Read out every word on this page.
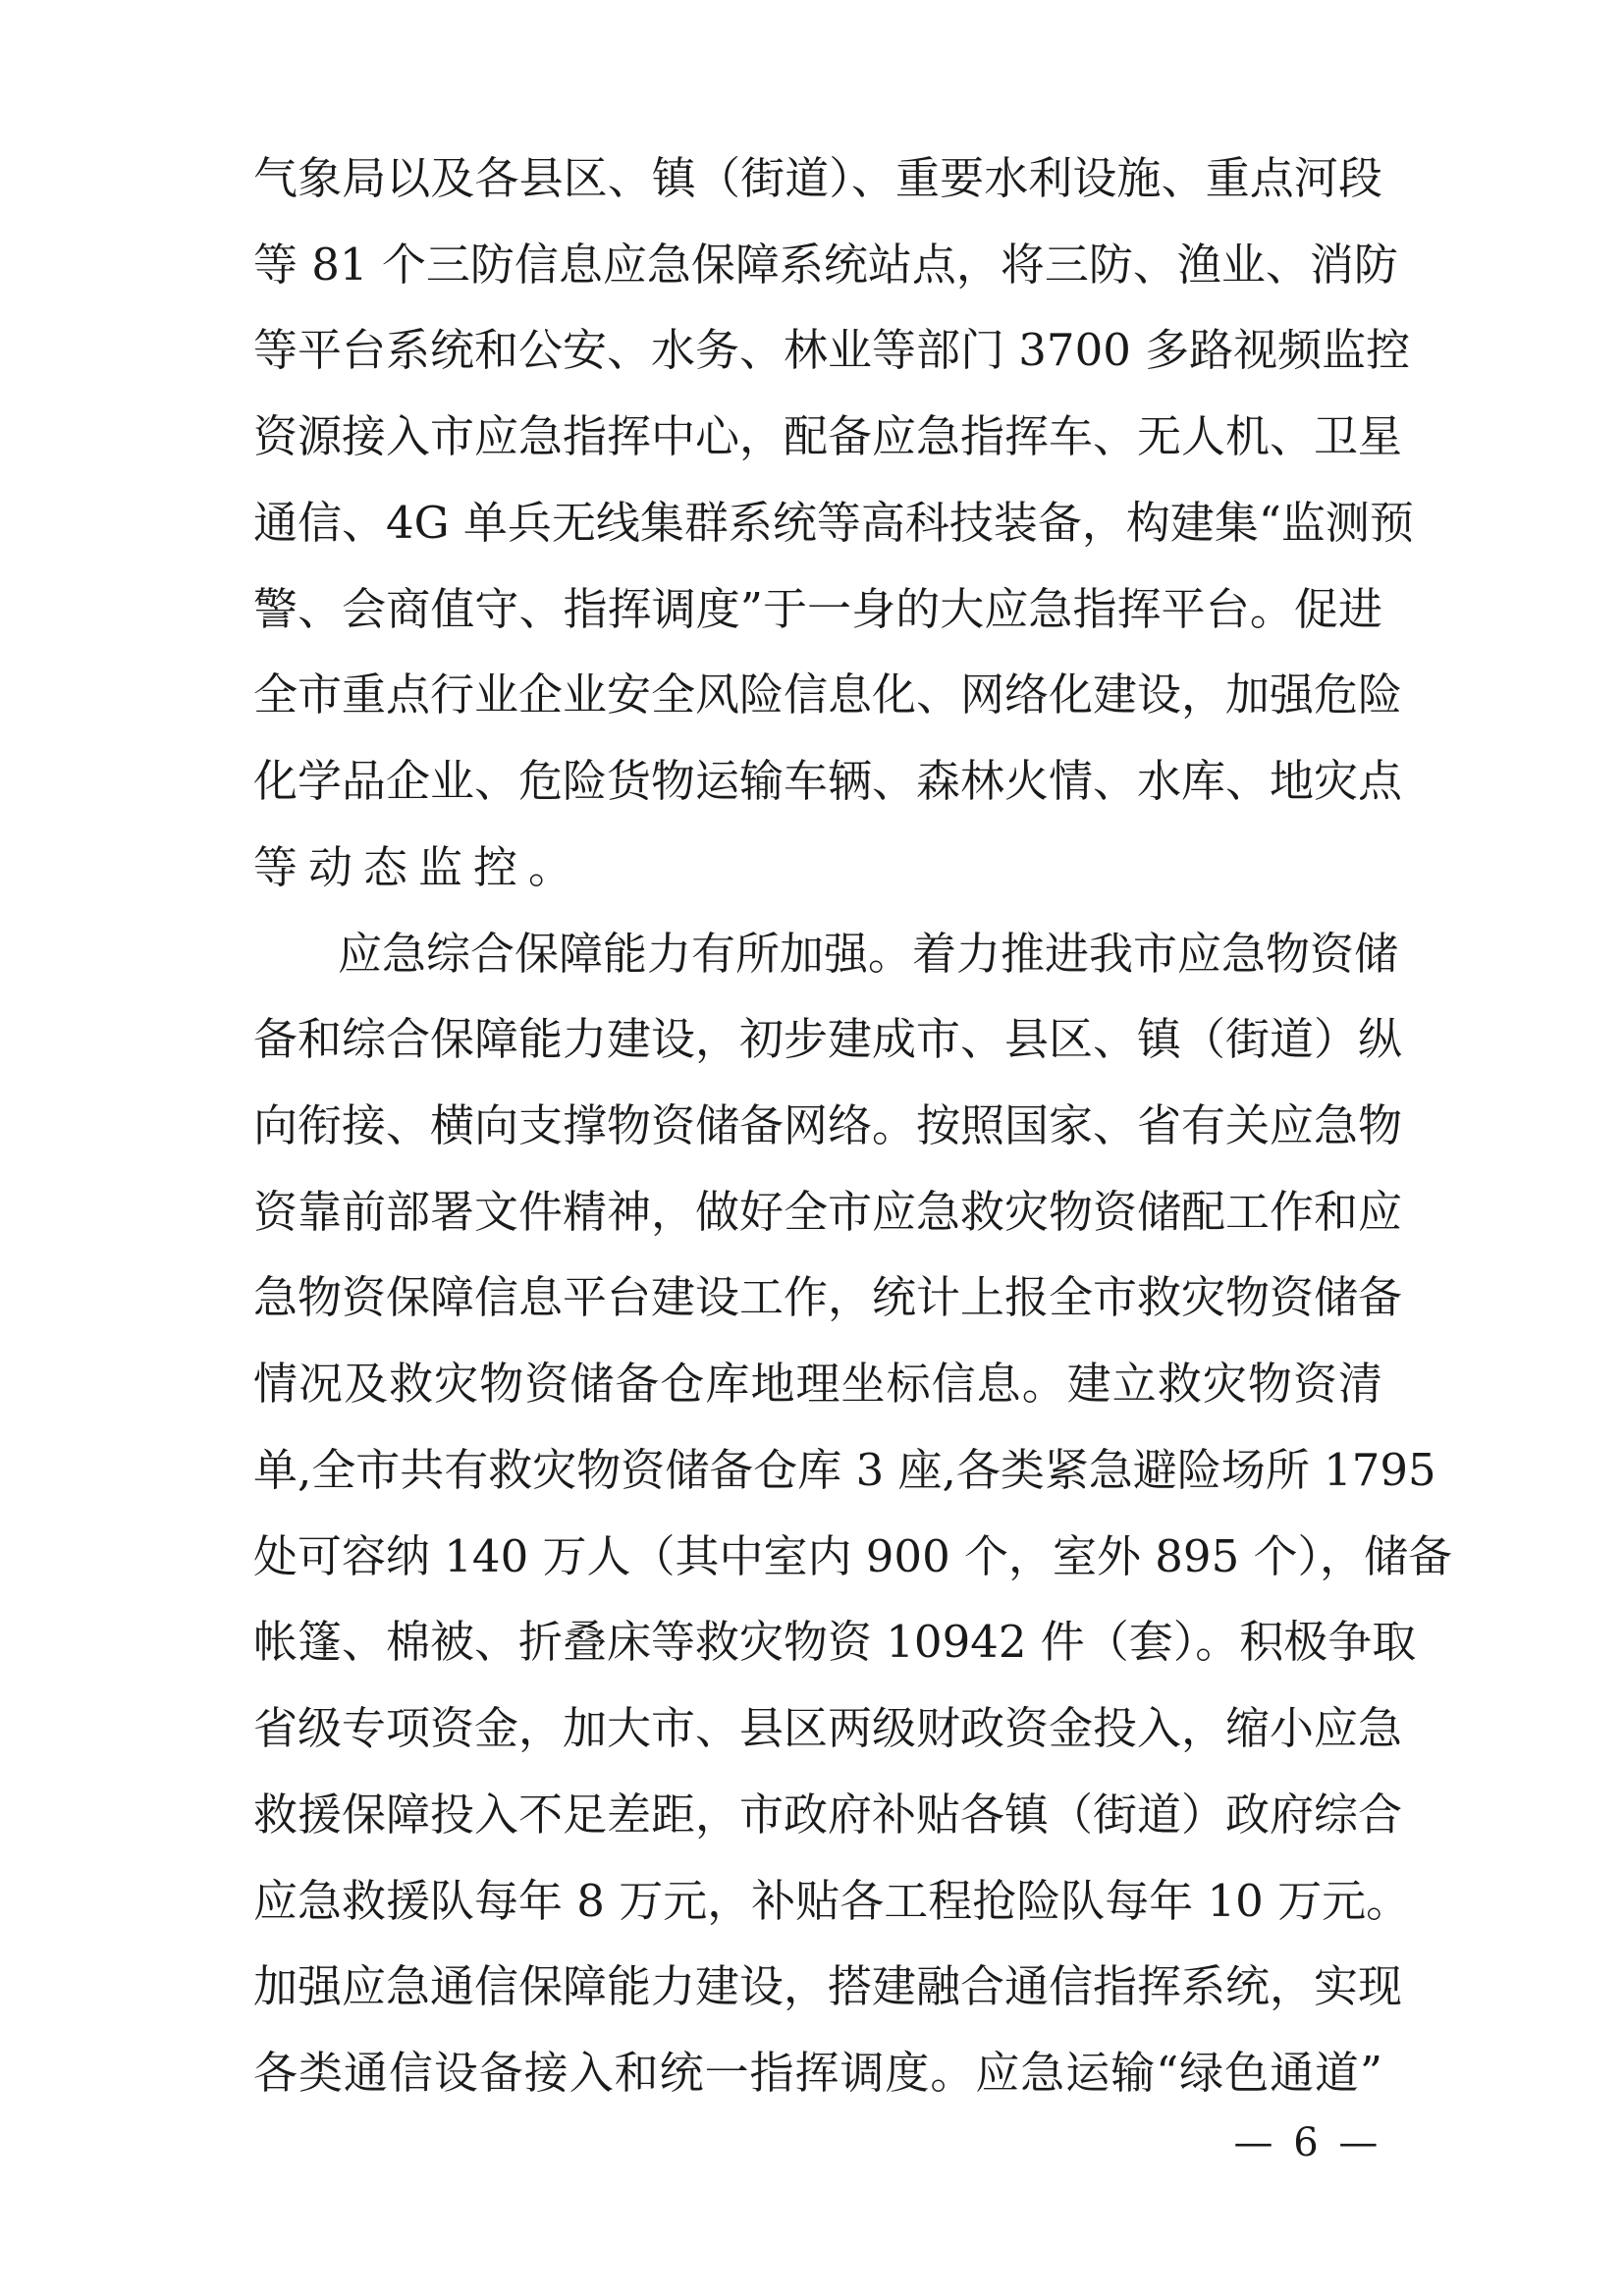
气象局以及各县区、镇（街道）、重要水利设施、重点河段
等 81 个三防信息应急保障系统站点，将三防、渔业、消防
等平台系统和公安、水务、林业等部门 3700 多路视频监控
资源接入市应急指挥中心，配备应急指挥车、无人机、卫星
通信、4G 单兵无线集群系统等高科技装备，构建集“监测预
警、会商值守、指挥调度”于一身的大应急指挥平台。促进
全市重点行业企业安全风险信息化、网络化建设，加强危险
化学品企业、危险货物运输车辆、森林火情、水库、地灾点
等动态监控。
应急综合保障能力有所加强。着力推进我市应急物资储
备和综合保障能力建设，初步建成市、县区、镇（街道）纵
向衔接、横向支撑物资储备网络。按照国家、省有关应急物
资靠前部署文件精神，做好全市应急救灾物资储配工作和应
急物资保障信息平台建设工作，统计上报全市救灾物资储备
情况及救灾物资储备仓库地理坐标信息。建立救灾物资清
单,全市共有救灾物资储备仓库 3 座,各类紧急避险场所 1795
处可容纳 140 万人（其中室内 900 个，室外 895 个），储备
帐篷、棉被、折叠床等救灾物资 10942 件（套）。积极争取
省级专项资金，加大市、县区两级财政资金投入，缩小应急
救援保障投入不足差距，市政府补贴各镇（街道）政府综合
应急救援队每年 8 万元，补贴各工程抢险队每年 10 万元。
加强应急通信保障能力建设，搭建融合通信指挥系统，实现
各类通信设备接入和统一指挥调度。应急运输“绿色通道”
— 6 —
